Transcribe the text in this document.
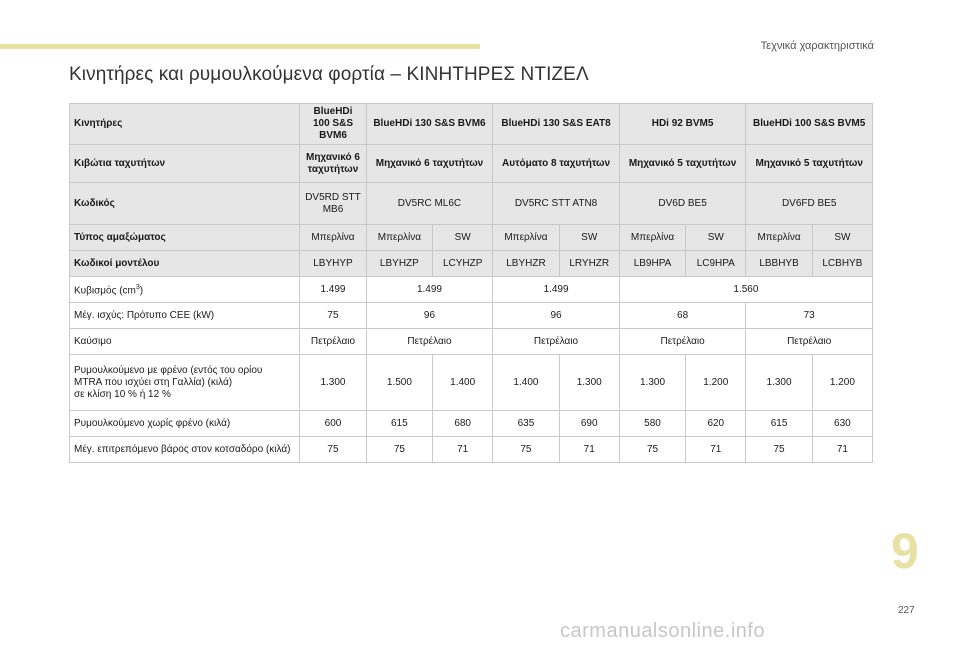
Τεχνικά χαρακτηριστικά
Κινητήρες και ρυμουλκούμενα φορτία – ΚΙΝΗΤΗΡΕΣ ΝΤΙΖΕΛ
Κινητήρες	BlueHDi 100 S&S BVM6	BlueHDi 130 S&S BVM6		BlueHDi 130 S&S EAT8		HDi 92 BVM5		BlueHDi 100 S&S BVM5	
Κιβώτια ταχυτήτων	Μηχανικό 6 ταχυτήτων	Μηχανικό 6 ταχυτήτων		Αυτόματο 8 ταχυτήτων		Μηχανικό 5 ταχυτήτων		Μηχανικό 5 ταχυτήτων	
Κωδικός	DV5RD STT MB6	DV5RC ML6C		DV5RC STT ATN8		DV6D BE5		DV6FD BE5	
Τύπος αμαξώματος	Μπερλίνα	Μπερλίνα	SW	Μπερλίνα	SW	Μπερλίνα	SW	Μπερλίνα	SW
Κωδικοί μοντέλου	LBYHYP	LBYHZP	LCYHZP	LBYHZR	LRYHZR	LB9HPA	LC9HPA	LBBHYB	LCBHYB
Κυβισμός $(cm^3)$	1.499	1.499		1.499		1.560			
Μέγ. ισχύς: Πρότυπο CEE (kW)	75	96		96		68		73	
Καύσιμο	Πετρέλαιο	Πετρέλαιο		Πετρέλαιο		Πετρέλαιο		Πετρέλαιο	

Ρυμουλκούμενο με φρένο (εντός του ορίου
MTRA που ισχύει στη Γαλλία) (κιλά)
σε κλίση 10 % ή 12 %	1.300	1.500	1.400	1.400	1.300	1.300	1.200	1.300	1.200
Ρυμουλκούμενο χωρίς φρένο (κιλά)	600	615	680	635	690	580	620	615	630
Μέγ. επιτρεπόμενο βάρος στον κοτσαδόρο (κιλά)	75	75	71	75	71	75	71	75	71
9
227
carmanualsonline.info
